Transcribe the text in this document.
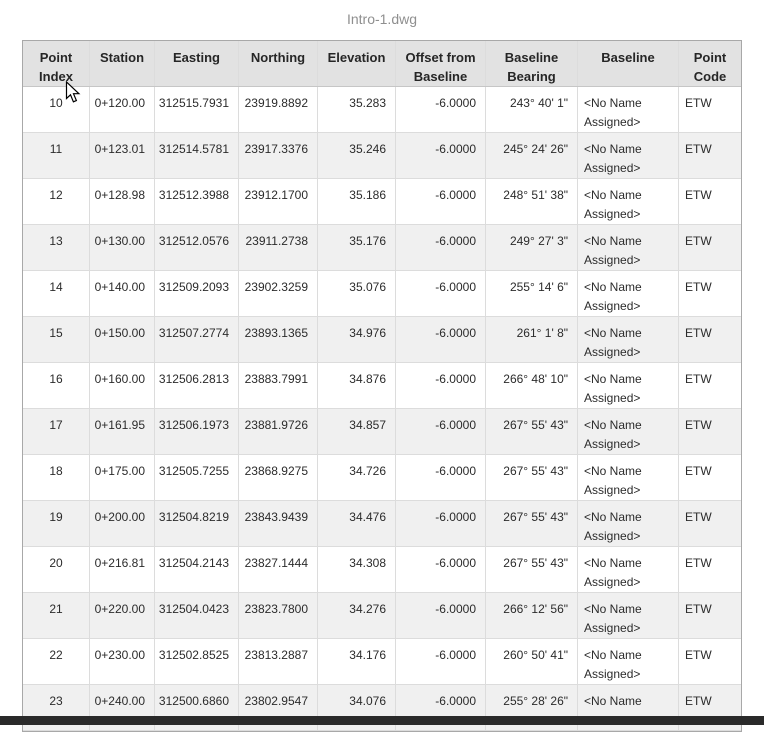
Intro-1.dwg
Point Index
Station	Easting	Northing	Elevation	Offset from Baseline
Baseline Bearing
Baseline	Point Code
10	0+120.00	312515.7931	23919.8892	35.283	-6.0000	243° 40' 1"	<No Name Assigned>
ETW
11	0+123.01	312514.5781	23917.3376	35.246	-6.0000	245° 24' 26"	<No Name Assigned>
ETW
12	0+128.98	312512.3988	23912.1700	35.186	-6.0000	248° 51' 38"	<No Name Assigned>
ETW
13	0+130.00	312512.0576	23911.2738	35.176	-6.0000	249° 27' 3"	<No Name Assigned>
ETW
14	0+140.00	312509.2093	23902.3259	35.076	-6.0000	255° 14' 6"	<No Name Assigned>
ETW
15	0+150.00	312507.2774	23893.1365	34.976	-6.0000	261° 1' 8"	<No Name Assigned>
ETW
16	0+160.00	312506.2813	23883.7991	34.876	-6.0000	266° 48' 10"	<No Name Assigned>
ETW
17	0+161.95	312506.1973	23881.9726	34.857	-6.0000	267° 55' 43"	<No Name Assigned>
ETW
18	0+175.00	312505.7255	23868.9275	34.726	-6.0000	267° 55' 43"	<No Name Assigned>
ETW
19	0+200.00	312504.8219	23843.9439	34.476	-6.0000	267° 55' 43"	<No Name Assigned>
ETW
20	0+216.81	312504.2143	23827.1444	34.308	-6.0000	267° 55' 43"	<No Name Assigned>
ETW
21	0+220.00	312504.0423	23823.7800	34.276	-6.0000	266° 12' 56"	<No Name Assigned>
ETW
22	0+230.00	312502.8525	23813.2887	34.176	-6.0000	260° 50' 41"	<No Name Assigned>
ETW
23	0+240.00	312500.6860	23802.9547	34.076	-6.0000	255° 28' 26"	<No Name	ETW
